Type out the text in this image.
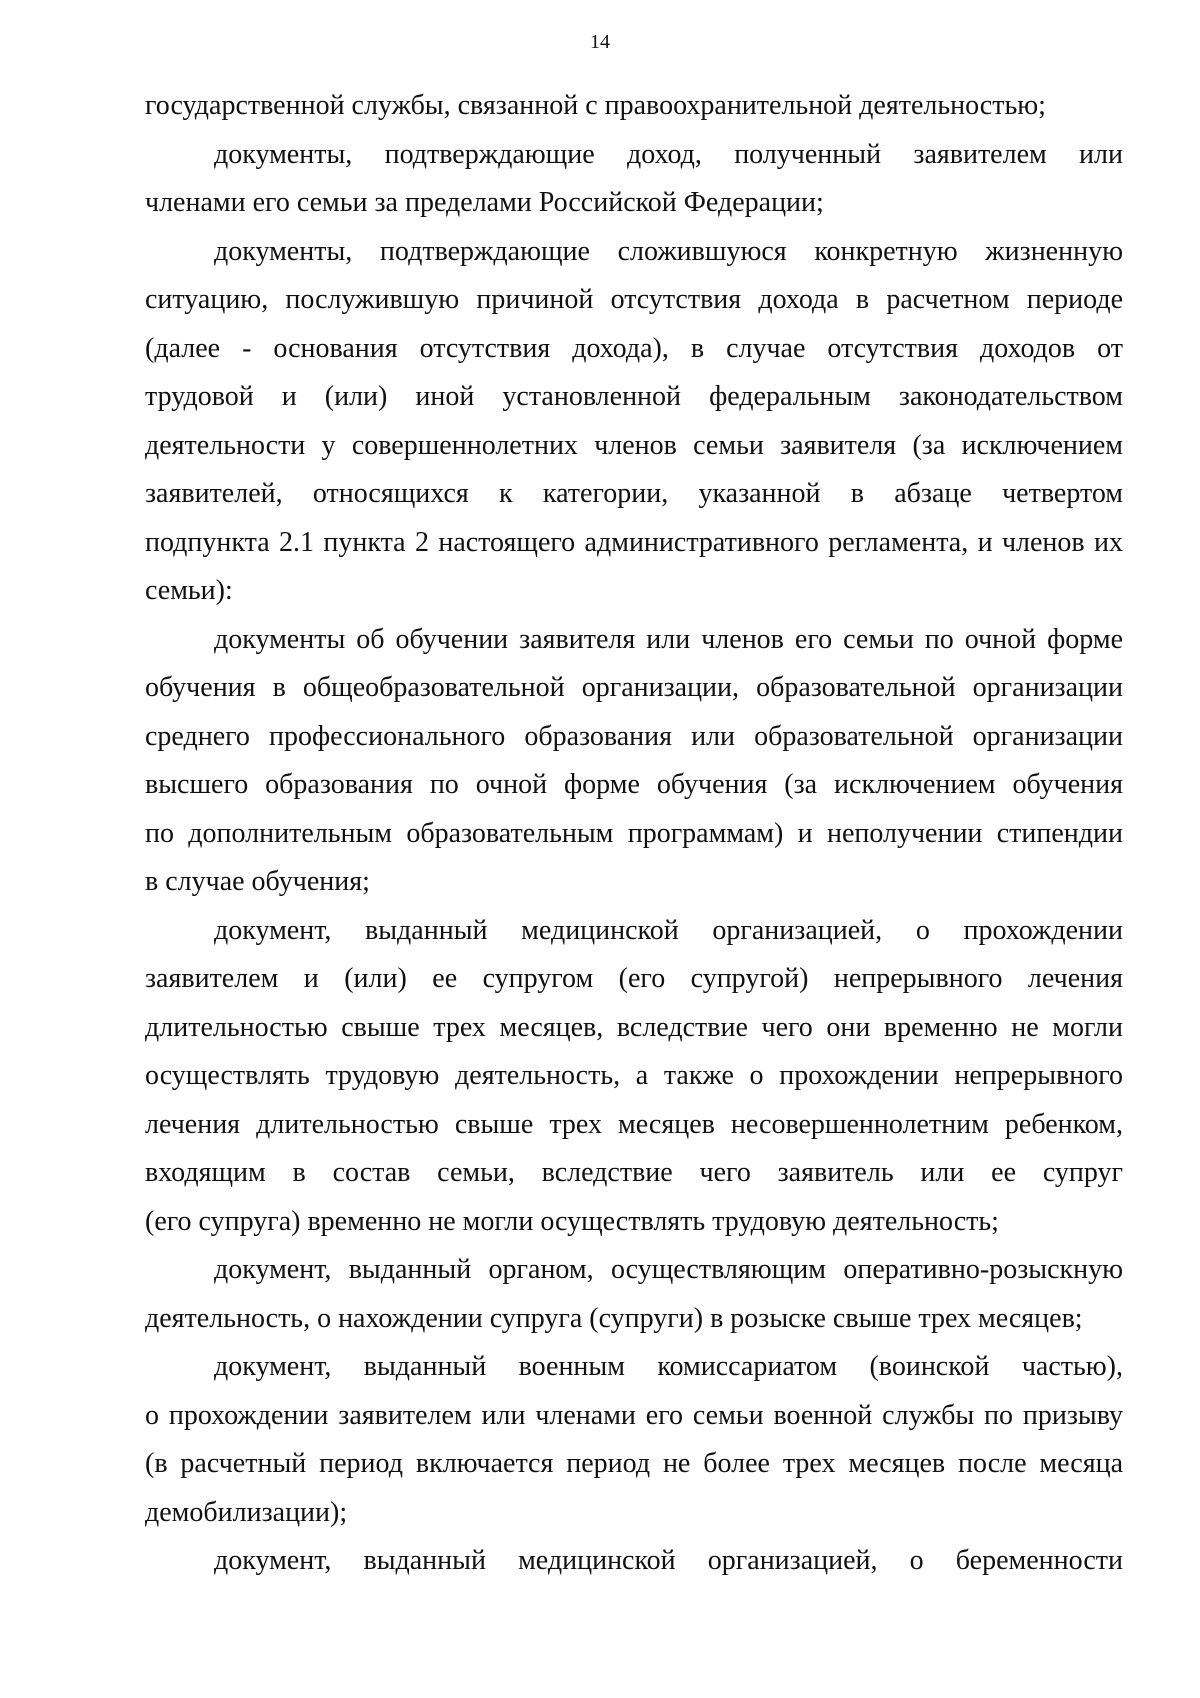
14
государственной службы, связанной с правоохранительной деятельностью;
документы, подтверждающие доход, полученный заявителем или
членами его семьи за пределами Российской Федерации;
документы, подтверждающие сложившуюся конкретную жизненную
ситуацию, послужившую причиной отсутствия дохода в расчетном периоде
(далее - основания отсутствия дохода), в случае отсутствия доходов от
трудовой и (или) иной установленной федеральным законодательством
деятельности у совершеннолетних членов семьи заявителя (за исключением
заявителей, относящихся к категории, указанной в абзаце четвертом
подпункта 2.1 пункта 2 настоящего административного регламента, и членов их
семьи):
документы об обучении заявителя или членов его семьи по очной форме
обучения в общеобразовательной организации, образовательной организации
среднего профессионального образования или образовательной организации
высшего образования по очной форме обучения (за исключением обучения
по дополнительным образовательным программам) и неполучении стипендии
в случае обучения;
документ, выданный медицинской организацией, о прохождении
заявителем и (или) ее супругом (его супругой) непрерывного лечения
длительностью свыше трех месяцев, вследствие чего они временно не могли
осуществлять трудовую деятельность, а также о прохождении непрерывного
лечения длительностью свыше трех месяцев несовершеннолетним ребенком,
входящим в состав семьи, вследствие чего заявитель или ее супруг
(его супруга) временно не могли осуществлять трудовую деятельность;
документ, выданный органом, осуществляющим оперативно-розыскную
деятельность, о нахождении супруга (супруги) в розыске свыше трех месяцев;
документ, выданный военным комиссариатом (воинской частью),
о прохождении заявителем или членами его семьи военной службы по призыву
(в расчетный период включается период не более трех месяцев после месяца
демобилизации);
документ, выданный медицинской организацией, о беременности
